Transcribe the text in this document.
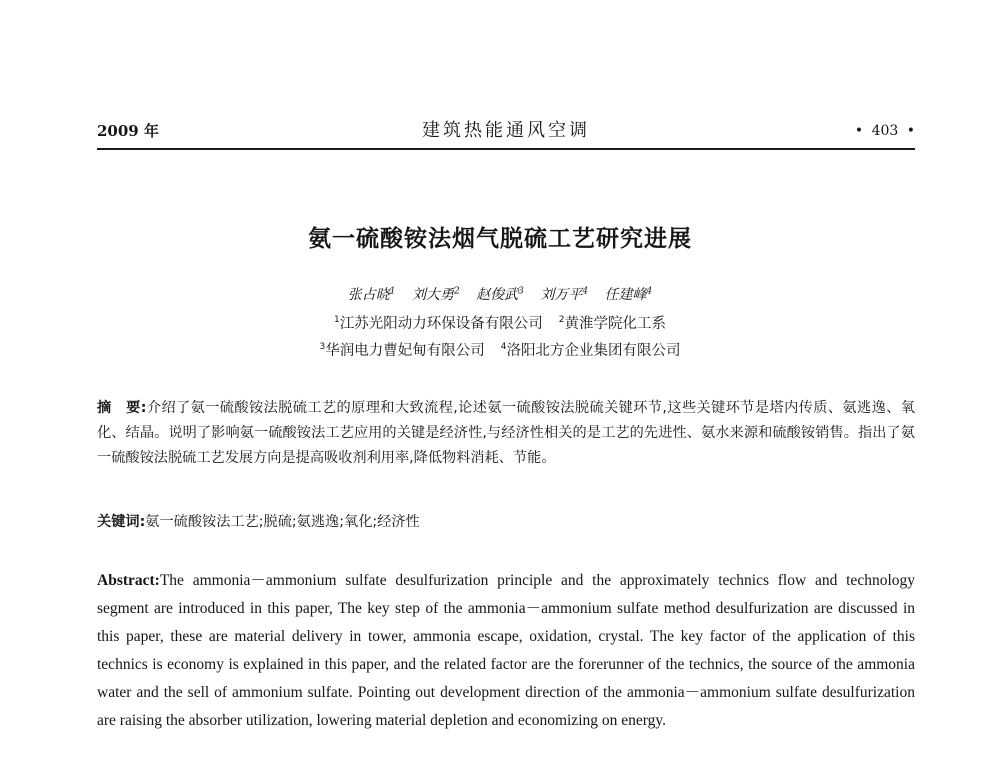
2009 年	建筑热能通风空调	• 403 •
氨一硫酸铵法烟气脱硫工艺研究进展
张占晓$^1$ 刘大勇$^2$ 赵俊武$^3$ 刘万平$^4$ 任建峰$^4$
$^1$江苏光阳动力环保设备有限公司 $^2$黄淮学院化工系
$^3$华润电力曹妃甸有限公司 $^4$洛阳北方企业集团有限公司
摘　要:介绍了氨一硫酸铵法脱硫工艺的原理和大致流程,论述氨一硫酸铵法脱硫关键环节,这些关键环节是塔内传质、氨逃逸、氧化、结晶。说明了影响氨一硫酸铵法工艺应用的关键是经济性,与经济性相关的是工艺的先进性、氨水来源和硫酸铵销售。指出了氨一硫酸铵法脱硫工艺发展方向是提高吸收剂利用率,降低物料消耗、节能。
关键词:氨一硫酸铵法工艺;脱硫;氨逃逸;氧化;经济性
Abstract:The ammonia－ammonium sulfate desulfurization principle and the approximately technics flow and technology segment are introduced in this paper, The key step of the ammonia－ammonium sulfate method desulfurization are discussed in this paper, these are material delivery in tower, ammonia escape, oxidation, crystal. The key factor of the application of this technics is economy is explained in this paper, and the related factor are the forerunner of the technics, the source of the ammonia water and the sell of ammonium sulfate. Pointing out development direction of the ammonia－ammonium sulfate desulfurization are raising the absorber utilization, lowering material depletion and economizing on energy.
